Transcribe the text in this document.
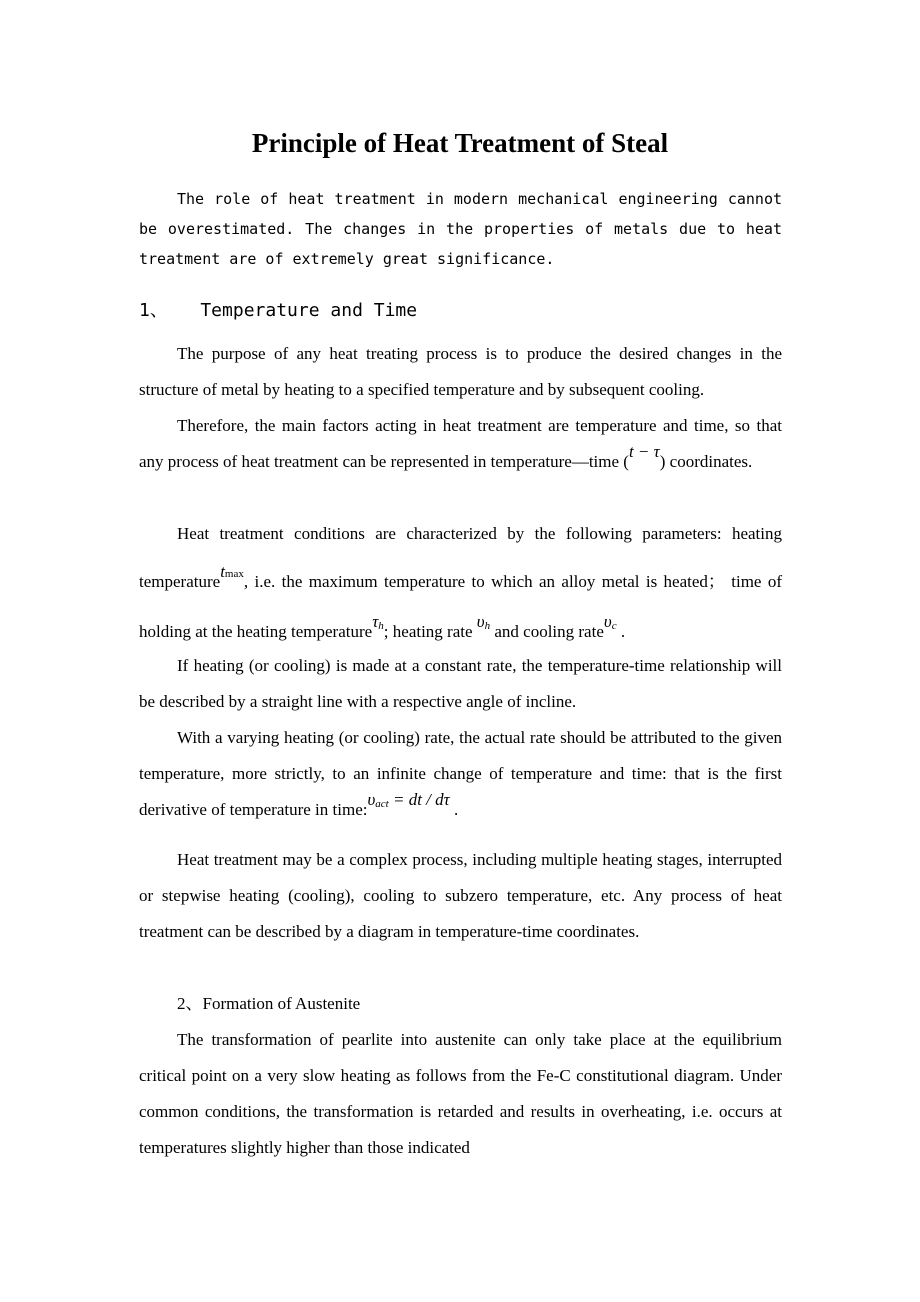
Principle of Heat Treatment of Steal

The role of heat treatment in modern mechanical engineering cannot be overestimated. The changes in the properties of metals due to heat treatment are of extremely great significance.

1、   Temperature and Time

The purpose of any heat treating process is to produce the desired changes in the structure of metal by heating to a specified temperature and by subsequent cooling.

Therefore, the main factors acting in heat treatment are temperature and time, so that any process of heat treatment can be represented in temperature—time (t − τ) coordinates.

Heat treatment conditions are characterized by the following parameters: heating temperaturetmax, i.e. the maximum temperature to which an alloy metal is heated； time of holding at the heating temperatureτh; heating rate υh and cooling rateυc .

If heating (or cooling) is made at a constant rate, the temperature-time relationship will be described by a straight line with a respective angle of incline.

With a varying heating (or cooling) rate, the actual rate should be attributed to the given temperature, more strictly, to an infinite change of temperature and time: that is the first derivative of temperature in time:υact = dt / dτ .

Heat treatment may be a complex process, including multiple heating stages, interrupted or stepwise heating (cooling), cooling to subzero temperature, etc. Any process of heat treatment can be described by a diagram in temperature-time coordinates.

2、Formation of Austenite

The transformation of pearlite into austenite can only take place at the equilibrium critical point on a very slow heating as follows from the Fe-C constitutional diagram. Under common conditions, the transformation is retarded and results in overheating, i.e. occurs at temperatures slightly higher than those indicated
